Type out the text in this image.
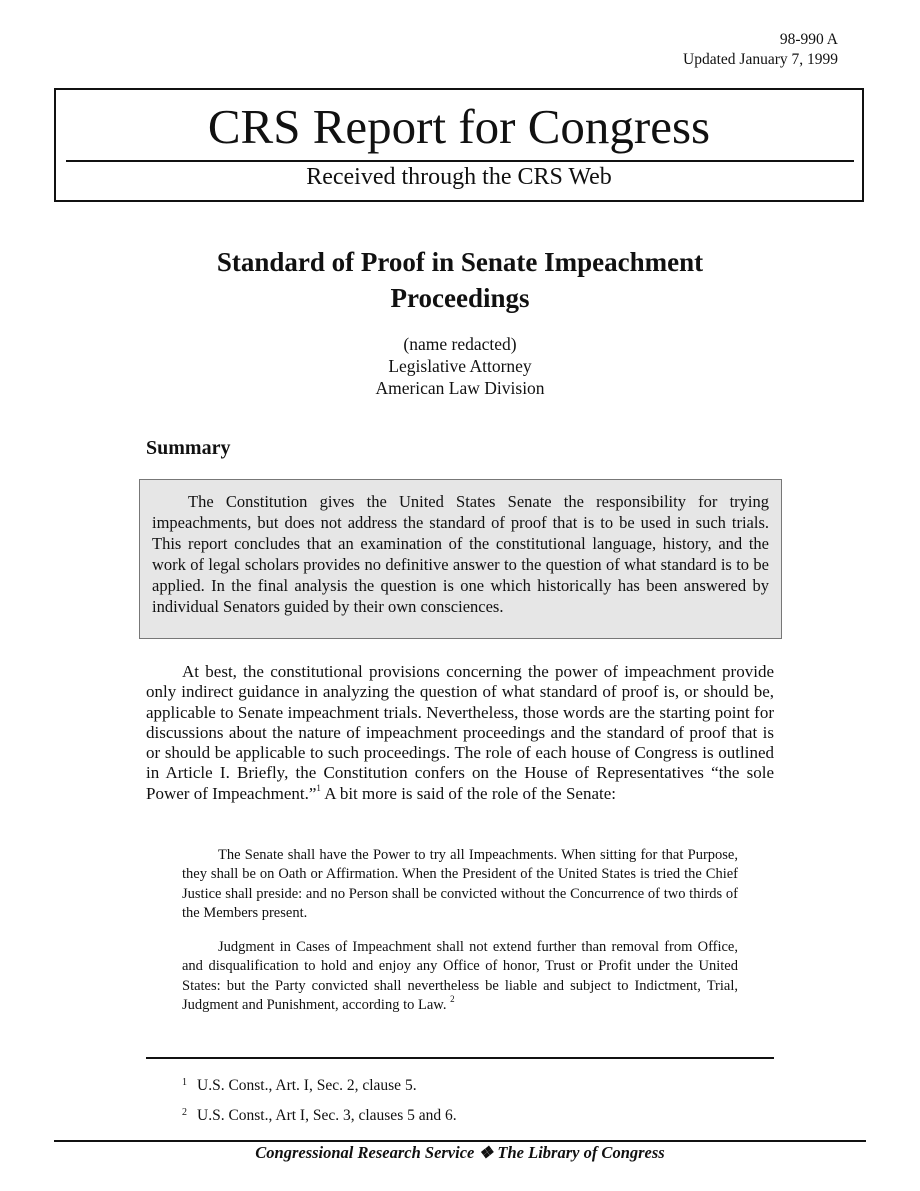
98-990 A
Updated January 7, 1999
CRS Report for Congress
Received through the CRS Web
Standard of Proof in Senate Impeachment
Proceedings
(name redacted)
Legislative Attorney
American Law Division
Summary

The Constitution gives the United States Senate the responsibility for trying impeachments, but does not address the standard of proof that is to be used in such trials. This report concludes that an examination of the constitutional language, history, and the work of legal scholars provides no definitive answer to the question of what standard is to be applied. In the final analysis the question is one which historically has been answered by individual Senators guided by their own consciences.

At best, the constitutional provisions concerning the power of impeachment provide only indirect guidance in analyzing the question of what standard of proof is, or should be, applicable to Senate impeachment trials. Nevertheless, those words are the starting point for discussions about the nature of impeachment proceedings and the standard of proof that is or should be applicable to such proceedings. The role of each house of Congress is outlined in Article I. Briefly, the Constitution confers on the House of Representatives “the sole Power of Impeachment.”$^1$ A bit more is said of the role of the Senate:

The Senate shall have the Power to try all Impeachments. When sitting for that Purpose, they shall be on Oath or Affirmation. When the President of the United States is tried the Chief Justice shall preside: and no Person shall be convicted without the Concurrence of two thirds of the Members present.

Judgment in Cases of Impeachment shall not extend further than removal from Office, and disqualification to hold and enjoy any Office of honor, Trust or Profit under the United States: but the Party convicted shall nevertheless be liable and subject to Indictment, Trial, Judgment and Punishment, according to Law. $^2$

$^1$ U.S. Const., Art. I, Sec. 2, clause 5.
$^2$ U.S. Const., Art I, Sec. 3, clauses 5 and 6.
Congressional Research Service ❖ The Library of Congress
